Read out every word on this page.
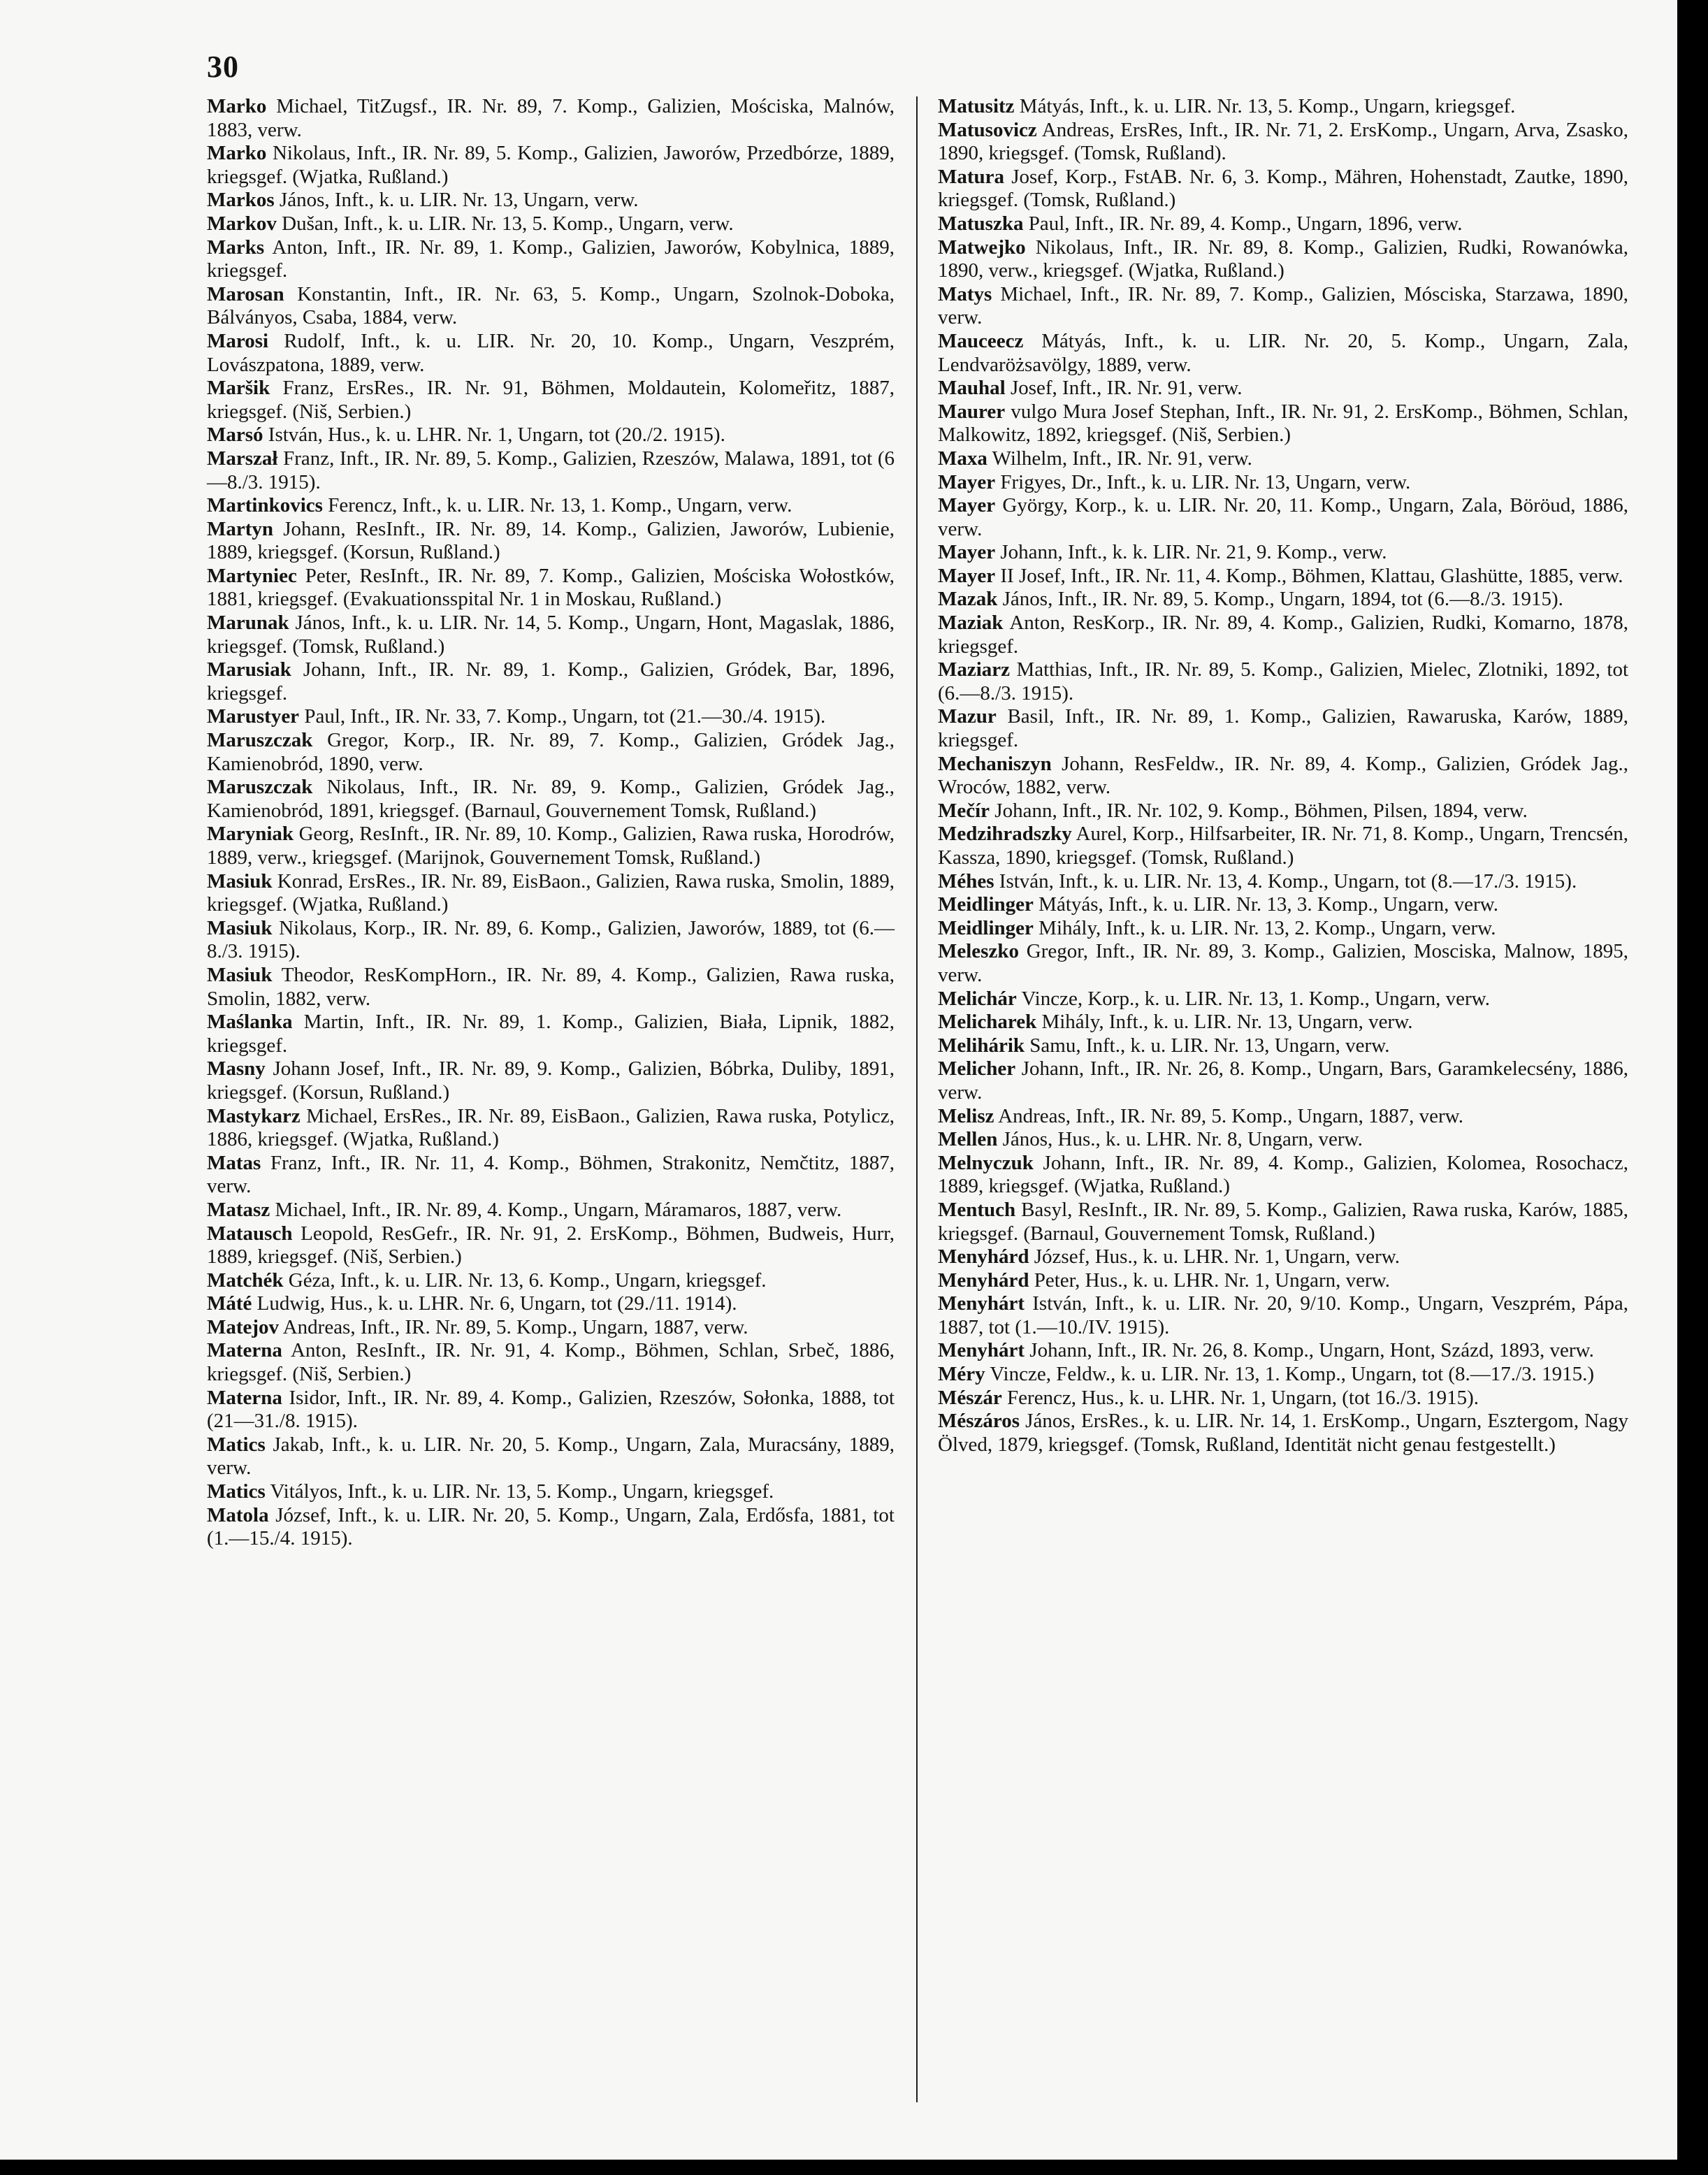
30

Marko Michael, TitZugsf., IR. Nr. 89, 7. Komp., Galizien, Mościska, Malnów, 1883, verw.

Marko Nikolaus, Inft., IR. Nr. 89, 5. Komp., Galizien, Jaworów, Przedbórze, 1889, kriegsgef. (Wjatka, Rußland.)

Markos János, Inft., k. u. LIR. Nr. 13, Ungarn, verw.

Markov Dušan, Inft., k. u. LIR. Nr. 13, 5. Komp., Ungarn, verw.

Marks Anton, Inft., IR. Nr. 89, 1. Komp., Galizien, Jaworów, Kobylnica, 1889, kriegsgef.

Marosan Konstantin, Inft., IR. Nr. 63, 5. Komp., Ungarn, Szolnok-Doboka, Bálványos, Csaba, 1884, verw.

Marosi Rudolf, Inft., k. u. LIR. Nr. 20, 10. Komp., Ungarn, Veszprém, Lovászpatona, 1889, verw.

Maršik Franz, ErsRes., IR. Nr. 91, Böhmen, Moldautein, Kolomeřitz, 1887, kriegsgef. (Niš, Serbien.)

Marsó István, Hus., k. u. LHR. Nr. 1, Ungarn, tot (20./2. 1915).

Marszał Franz, Inft., IR. Nr. 89, 5. Komp., Galizien, Rzeszów, Malawa, 1891, tot (6—8./3. 1915).

Martinkovics Ferencz, Inft., k. u. LIR. Nr. 13, 1. Komp., Ungarn, verw.

Martyn Johann, ResInft., IR. Nr. 89, 14. Komp., Galizien, Jaworów, Lubienie, 1889, kriegsgef. (Korsun, Rußland.)

Martyniec Peter, ResInft., IR. Nr. 89, 7. Komp., Galizien, Mościska Wołostków, 1881, kriegsgef. (Evakuationsspital Nr. 1 in Moskau, Rußland.)

Marunak János, Inft., k. u. LIR. Nr. 14, 5. Komp., Ungarn, Hont, Magaslak, 1886, kriegsgef. (Tomsk, Rußland.)

Marusiak Johann, Inft., IR. Nr. 89, 1. Komp., Galizien, Gródek, Bar, 1896, kriegsgef.

Marustyer Paul, Inft., IR. Nr. 33, 7. Komp., Ungarn, tot (21.—30./4. 1915).

Maruszczak Gregor, Korp., IR. Nr. 89, 7. Komp., Galizien, Gródek Jag., Kamienobród, 1890, verw.

Maruszczak Nikolaus, Inft., IR. Nr. 89, 9. Komp., Galizien, Gródek Jag., Kamienobród, 1891, kriegsgef. (Barnaul, Gouvernement Tomsk, Rußland.)

Maryniak Georg, ResInft., IR. Nr. 89, 10. Komp., Galizien, Rawa ruska, Horodrów, 1889, verw., kriegsgef. (Marijnok, Gouvernement Tomsk, Rußland.)

Masiuk Konrad, ErsRes., IR. Nr. 89, EisBaon., Galizien, Rawa ruska, Smolin, 1889, kriegsgef. (Wjatka, Rußland.)

Masiuk Nikolaus, Korp., IR. Nr. 89, 6. Komp., Galizien, Jaworów, 1889, tot (6.—8./3. 1915).

Masiuk Theodor, ResKompHorn., IR. Nr. 89, 4. Komp., Galizien, Rawa ruska, Smolin, 1882, verw.

Maślanka Martin, Inft., IR. Nr. 89, 1. Komp., Galizien, Biała, Lipnik, 1882, kriegsgef.

Masny Johann Josef, Inft., IR. Nr. 89, 9. Komp., Galizien, Bóbrka, Duliby, 1891, kriegsgef. (Korsun, Rußland.)

Mastykarz Michael, ErsRes., IR. Nr. 89, EisBaon., Galizien, Rawa ruska, Potylicz, 1886, kriegsgef. (Wjatka, Rußland.)

Matas Franz, Inft., IR. Nr. 11, 4. Komp., Böhmen, Strakonitz, Nemčtitz, 1887, verw.

Matasz Michael, Inft., IR. Nr. 89, 4. Komp., Ungarn, Máramaros, 1887, verw.

Matausch Leopold, ResGefr., IR. Nr. 91, 2. ErsKomp., Böhmen, Budweis, Hurr, 1889, kriegsgef. (Niš, Serbien.)

Matchék Géza, Inft., k. u. LIR. Nr. 13, 6. Komp., Ungarn, kriegsgef.

Máté Ludwig, Hus., k. u. LHR. Nr. 6, Ungarn, tot (29./11. 1914).

Matejov Andreas, Inft., IR. Nr. 89, 5. Komp., Ungarn, 1887, verw.

Materna Anton, ResInft., IR. Nr. 91, 4. Komp., Böhmen, Schlan, Srbeč, 1886, kriegsgef. (Niš, Serbien.)

Materna Isidor, Inft., IR. Nr. 89, 4. Komp., Galizien, Rzeszów, Sołonka, 1888, tot (21—31./8. 1915).

Matics Jakab, Inft., k. u. LIR. Nr. 20, 5. Komp., Ungarn, Zala, Muracsány, 1889, verw.

Matics Vitályos, Inft., k. u. LIR. Nr. 13, 5. Komp., Ungarn, kriegsgef.

Matola József, Inft., k. u. LIR. Nr. 20, 5. Komp., Ungarn, Zala, Erdősfa, 1881, tot (1.—15./4. 1915).

Matusitz Mátyás, Inft., k. u. LIR. Nr. 13, 5. Komp., Ungarn, kriegsgef.

Matusovicz Andreas, ErsRes, Inft., IR. Nr. 71, 2. ErsKomp., Ungarn, Arva, Zsasko, 1890, kriegsgef. (Tomsk, Rußland).

Matura Josef, Korp., FstAB. Nr. 6, 3. Komp., Mähren, Hohenstadt, Zautke, 1890, kriegsgef. (Tomsk, Rußland.)

Matuszka Paul, Inft., IR. Nr. 89, 4. Komp., Ungarn, 1896, verw.

Matwejko Nikolaus, Inft., IR. Nr. 89, 8. Komp., Galizien, Rudki, Rowanówka, 1890, verw., kriegsgef. (Wjatka, Rußland.)

Matys Michael, Inft., IR. Nr. 89, 7. Komp., Galizien, Mósciska, Starzawa, 1890, verw.

Mauceecz Mátyás, Inft., k. u. LIR. Nr. 20, 5. Komp., Ungarn, Zala, Lendvaröżsavölgy, 1889, verw.

Mauhal Josef, Inft., IR. Nr. 91, verw.

Maurer vulgo Mura Josef Stephan, Inft., IR. Nr. 91, 2. ErsKomp., Böhmen, Schlan, Malkowitz, 1892, kriegsgef. (Niš, Serbien.)

Maxa Wilhelm, Inft., IR. Nr. 91, verw.

Mayer Frigyes, Dr., Inft., k. u. LIR. Nr. 13, Ungarn, verw.

Mayer György, Korp., k. u. LIR. Nr. 20, 11. Komp., Ungarn, Zala, Böröud, 1886, verw.

Mayer Johann, Inft., k. k. LIR. Nr. 21, 9. Komp., verw.

Mayer II Josef, Inft., IR. Nr. 11, 4. Komp., Böhmen, Klattau, Glashütte, 1885, verw.

Mazak János, Inft., IR. Nr. 89, 5. Komp., Ungarn, 1894, tot (6.—8./3. 1915).

Maziak Anton, ResKorp., IR. Nr. 89, 4. Komp., Galizien, Rudki, Komarno, 1878, kriegsgef.

Maziarz Matthias, Inft., IR. Nr. 89, 5. Komp., Galizien, Mielec, Zlotniki, 1892, tot (6.—8./3. 1915).

Mazur Basil, Inft., IR. Nr. 89, 1. Komp., Galizien, Rawaruska, Karów, 1889, kriegsgef.

Mechaniszyn Johann, ResFeldw., IR. Nr. 89, 4. Komp., Galizien, Gródek Jag., Wroców, 1882, verw.

Mečír Johann, Inft., IR. Nr. 102, 9. Komp., Böhmen, Pilsen, 1894, verw.

Medzihradszky Aurel, Korp., Hilfsarbeiter, IR. Nr. 71, 8. Komp., Ungarn, Trencsén, Kassza, 1890, kriegsgef. (Tomsk, Rußland.)

Méhes István, Inft., k. u. LIR. Nr. 13, 4. Komp., Ungarn, tot (8.—17./3. 1915).

Meidlinger Mátyás, Inft., k. u. LIR. Nr. 13, 3. Komp., Ungarn, verw.

Meidlinger Mihály, Inft., k. u. LIR. Nr. 13, 2. Komp., Ungarn, verw.

Meleszko Gregor, Inft., IR. Nr. 89, 3. Komp., Galizien, Mosciska, Malnow, 1895, verw.

Melichár Vincze, Korp., k. u. LIR. Nr. 13, 1. Komp., Ungarn, verw.

Melicharek Mihály, Inft., k. u. LIR. Nr. 13, Ungarn, verw.

Melihárik Samu, Inft., k. u. LIR. Nr. 13, Ungarn, verw.

Melicher Johann, Inft., IR. Nr. 26, 8. Komp., Ungarn, Bars, Garamkelecsény, 1886, verw.

Melisz Andreas, Inft., IR. Nr. 89, 5. Komp., Ungarn, 1887, verw.

Mellen János, Hus., k. u. LHR. Nr. 8, Ungarn, verw.

Melnyczuk Johann, Inft., IR. Nr. 89, 4. Komp., Galizien, Kolomea, Rosochacz, 1889, kriegsgef. (Wjatka, Rußland.)

Mentuch Basyl, ResInft., IR. Nr. 89, 5. Komp., Galizien, Rawa ruska, Karów, 1885, kriegsgef. (Barnaul, Gouvernement Tomsk, Rußland.)

Menyhárd József, Hus., k. u. LHR. Nr. 1, Ungarn, verw.

Menyhárd Peter, Hus., k. u. LHR. Nr. 1, Ungarn, verw.

Menyhárt István, Inft., k. u. LIR. Nr. 20, 9/10. Komp., Ungarn, Veszprém, Pápa, 1887, tot (1.—10./IV. 1915).

Menyhárt Johann, Inft., IR. Nr. 26, 8. Komp., Ungarn, Hont, Százd, 1893, verw.

Méry Vincze, Feldw., k. u. LIR. Nr. 13, 1. Komp., Ungarn, tot (8.—17./3. 1915.)

Mészár Ferencz, Hus., k. u. LHR. Nr. 1, Ungarn, (tot 16./3. 1915).

Mészáros János, ErsRes., k. u. LIR. Nr. 14, 1. ErsKomp., Ungarn, Esztergom, Nagy Ölved, 1879, kriegsgef. (Tomsk, Rußland, Identität nicht genau festgestellt.)
